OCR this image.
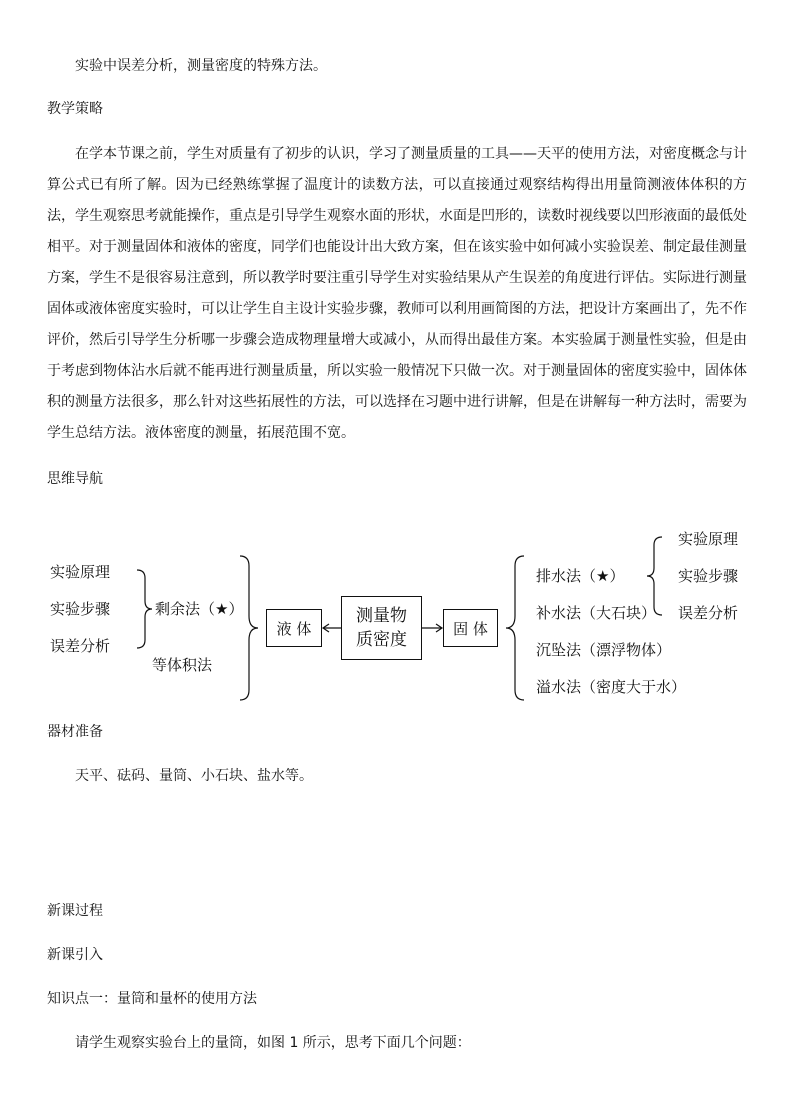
实验中误差分析，测量密度的特殊方法。
教学策略

在学本节课之前，学生对质量有了初步的认识，学习了测量质量的工具——天平的使用方法，对密度概念与计算公式已有所了解。因为已经熟练掌握了温度计的读数方法，可以直接通过观察结构得出用量筒测液体体积的方法，学生观察思考就能操作，重点是引导学生观察水面的形状，水面是凹形的，读数时视线要以凹形液面的最低处相平。对于测量固体和液体的密度，同学们也能设计出大致方案，但在该实验中如何减小实验误差、制定最佳测量方案，学生不是很容易注意到，所以教学时要注重引导学生对实验结果从产生误差的角度进行评估。实际进行测量固体或液体密度实验时，可以让学生自主设计实验步骤，教师可以利用画简图的方法，把设计方案画出了，先不作评价，然后引导学生分析哪一步骤会造成物理量增大或减小，从而得出最佳方案。本实验属于测量性实验，但是由于考虑到物体沾水后就不能再进行测量质量，所以实验一般情况下只做一次。对于测量固体的密度实验中，固体体积的测量方法很多，那么针对这些拓展性的方法，可以选择在习题中进行讲解，但是在讲解每一种方法时，需要为学生总结方法。液体密度的测量，拓展范围不宽。

思维导航
实验原理
实验步骤
误差分析
剩余法（★）
等体积法
液 体
测量物
质密度
固 体
排水法（★）
补水法（大石块）
沉坠法（漂浮物体）
溢水法（密度大于水）
实验原理
实验步骤
误差分析
器材准备
天平、砝码、量筒、小石块、盐水等。
新课过程
新课引入
知识点一：量筒和量杯的使用方法
请学生观察实验台上的量筒，如图 1 所示，思考下面几个问题：
